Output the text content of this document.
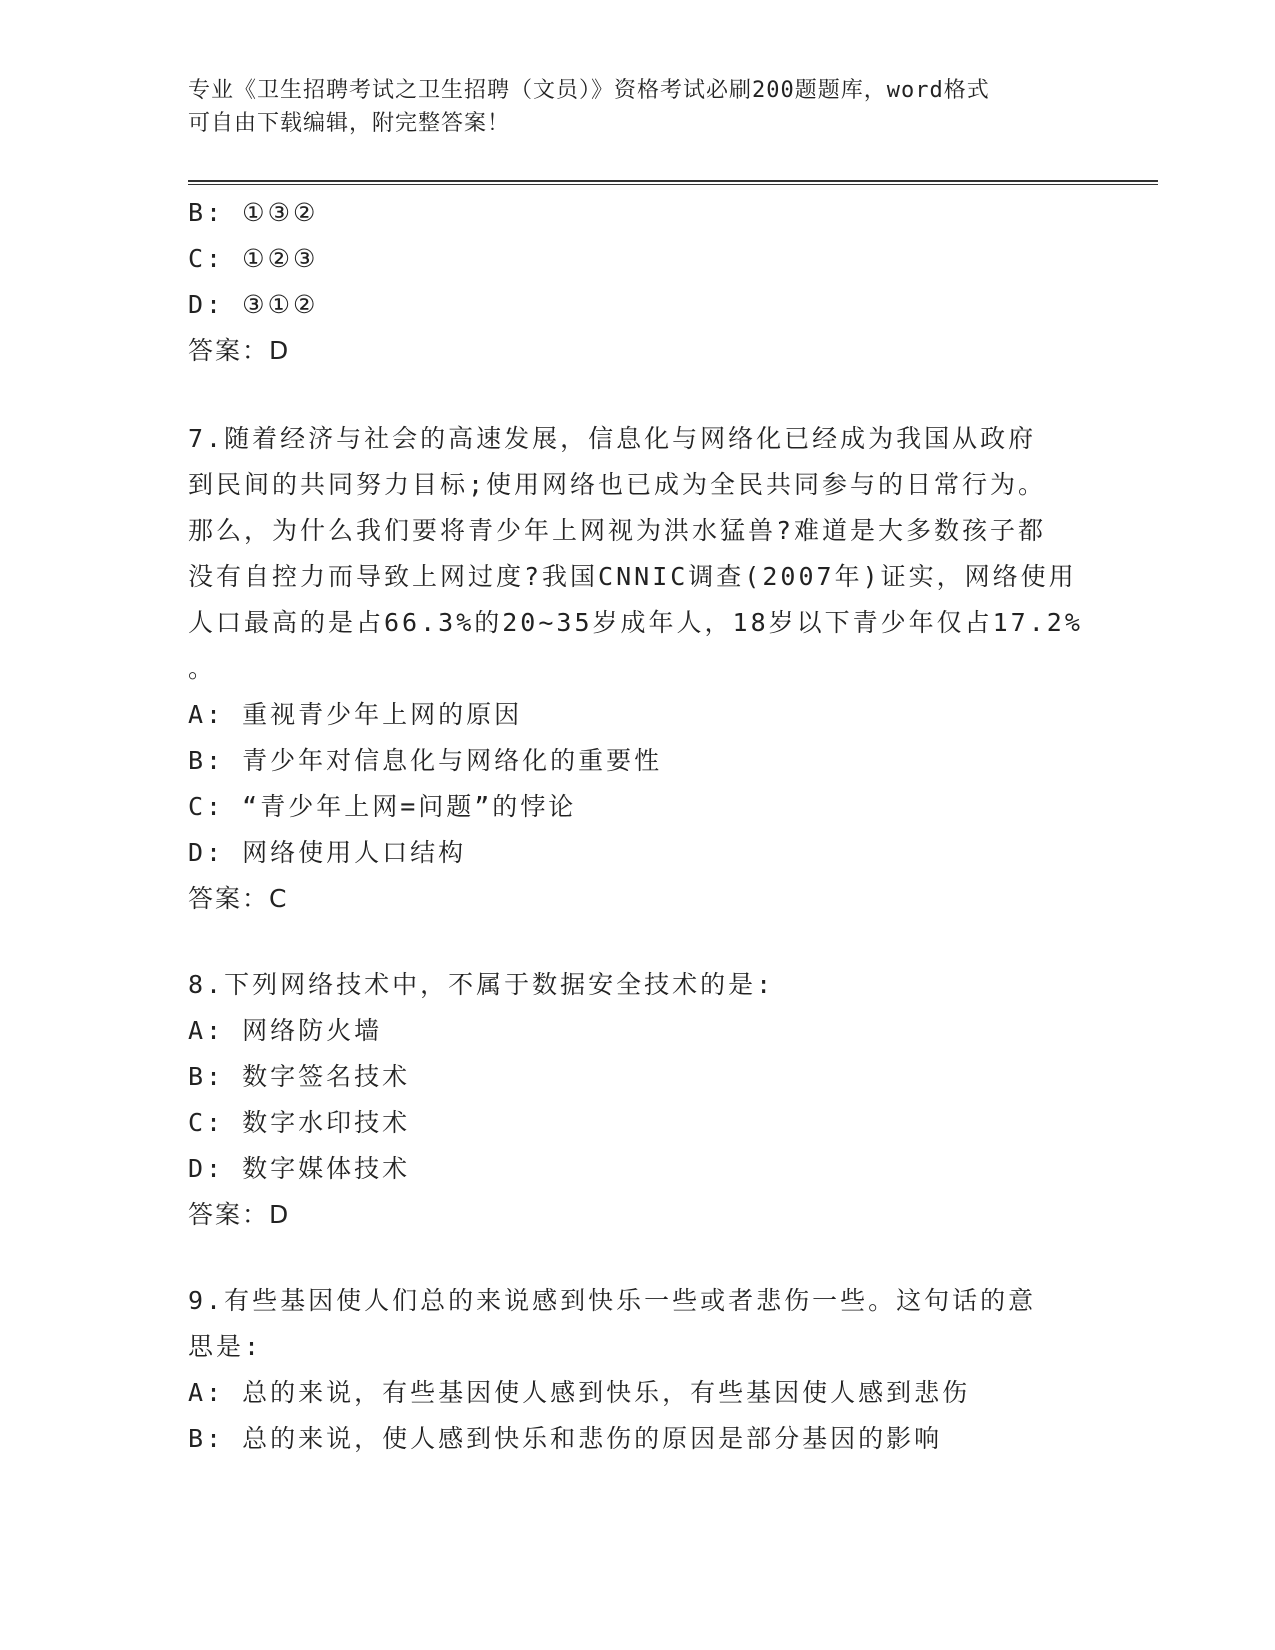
专业《卫生招聘考试之卫生招聘（文员）》资格考试必刷200题题库，word格式
可自由下载编辑，附完整答案！
B: ①③②
C: ①②③
D: ③①②
答案：D
7.随着经济与社会的高速发展，信息化与网络化已经成为我国从政府
到民间的共同努力目标;使用网络也已成为全民共同参与的日常行为。
那么，为什么我们要将青少年上网视为洪水猛兽?难道是大多数孩子都
没有自控力而导致上网过度?我国CNNIC调查(2007年)证实，网络使用
人口最高的是占66.3%的20~35岁成年人，18岁以下青少年仅占17.2%
。
A: 重视青少年上网的原因
B: 青少年对信息化与网络化的重要性
C: “青少年上网=问题”的悖论
D: 网络使用人口结构
答案：C
8.下列网络技术中，不属于数据安全技术的是:
A: 网络防火墙
B: 数字签名技术
C: 数字水印技术
D: 数字媒体技术
答案：D
9.有些基因使人们总的来说感到快乐一些或者悲伤一些。这句话的意
思是:
A: 总的来说，有些基因使人感到快乐，有些基因使人感到悲伤
B: 总的来说，使人感到快乐和悲伤的原因是部分基因的影响
